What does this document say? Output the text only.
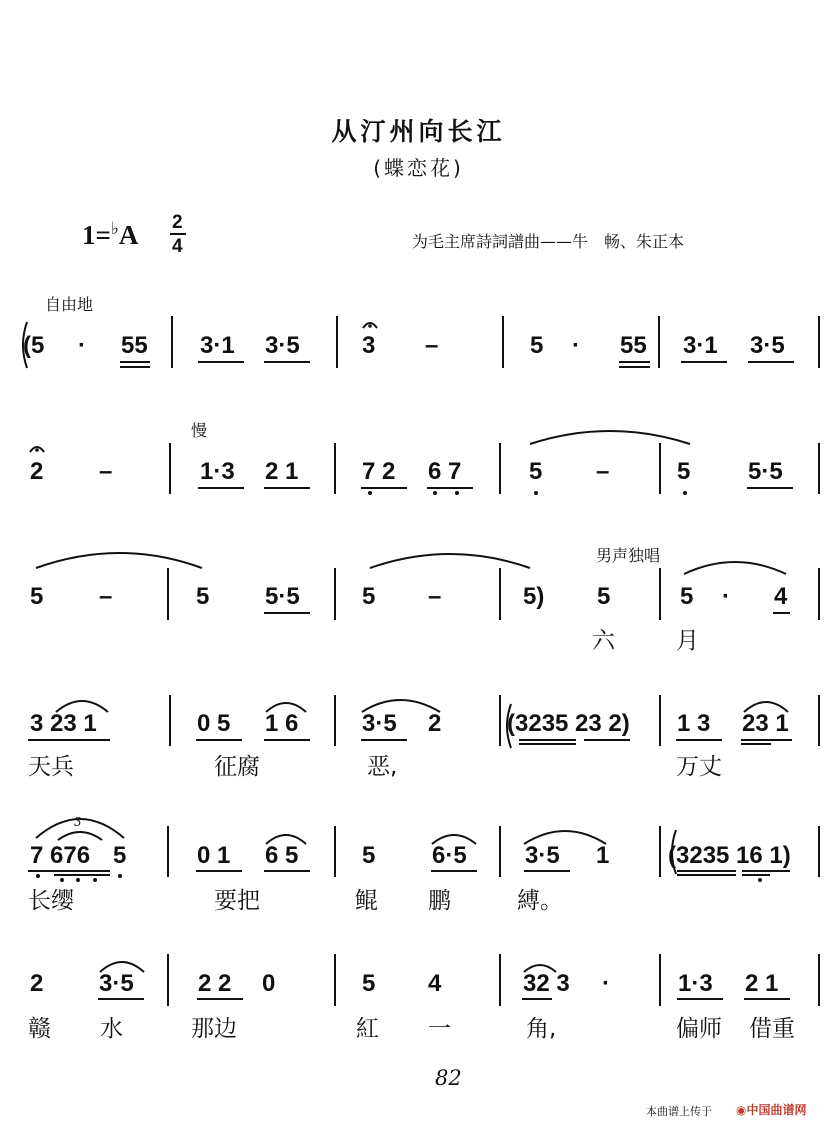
从汀州向长江
(蝶恋花)
1=♭A 2
4	为毛主席詩詞譜曲——牛　畅、朱正本
自由地
慢
男声独唱
(5 · 55 3·1 3·5	3 –	5 · 55 3·1 3·5
2 –	1·3 2 1	7 2 6 7	5 –	5 5·5
5 –	5 5·5	5 –	5) 5	5 · 4
六	月
3 23 1	0 5 1 6	3·5 2	(3235 23 2) 1 3 23 1
天兵	征腐	恶,	万丈
7 676 5	0 1 6 5	5 6·5 3·5 1 (3235 16 1)
长缨	要把	鲲 鹏	縛。
2 3·5	2 2 0	5 4	32 3 ·	1·3 2 1
赣 水	那边	紅 一	角,	偏师 借重
3
82
本曲谱上传于 ◉中国曲谱网
